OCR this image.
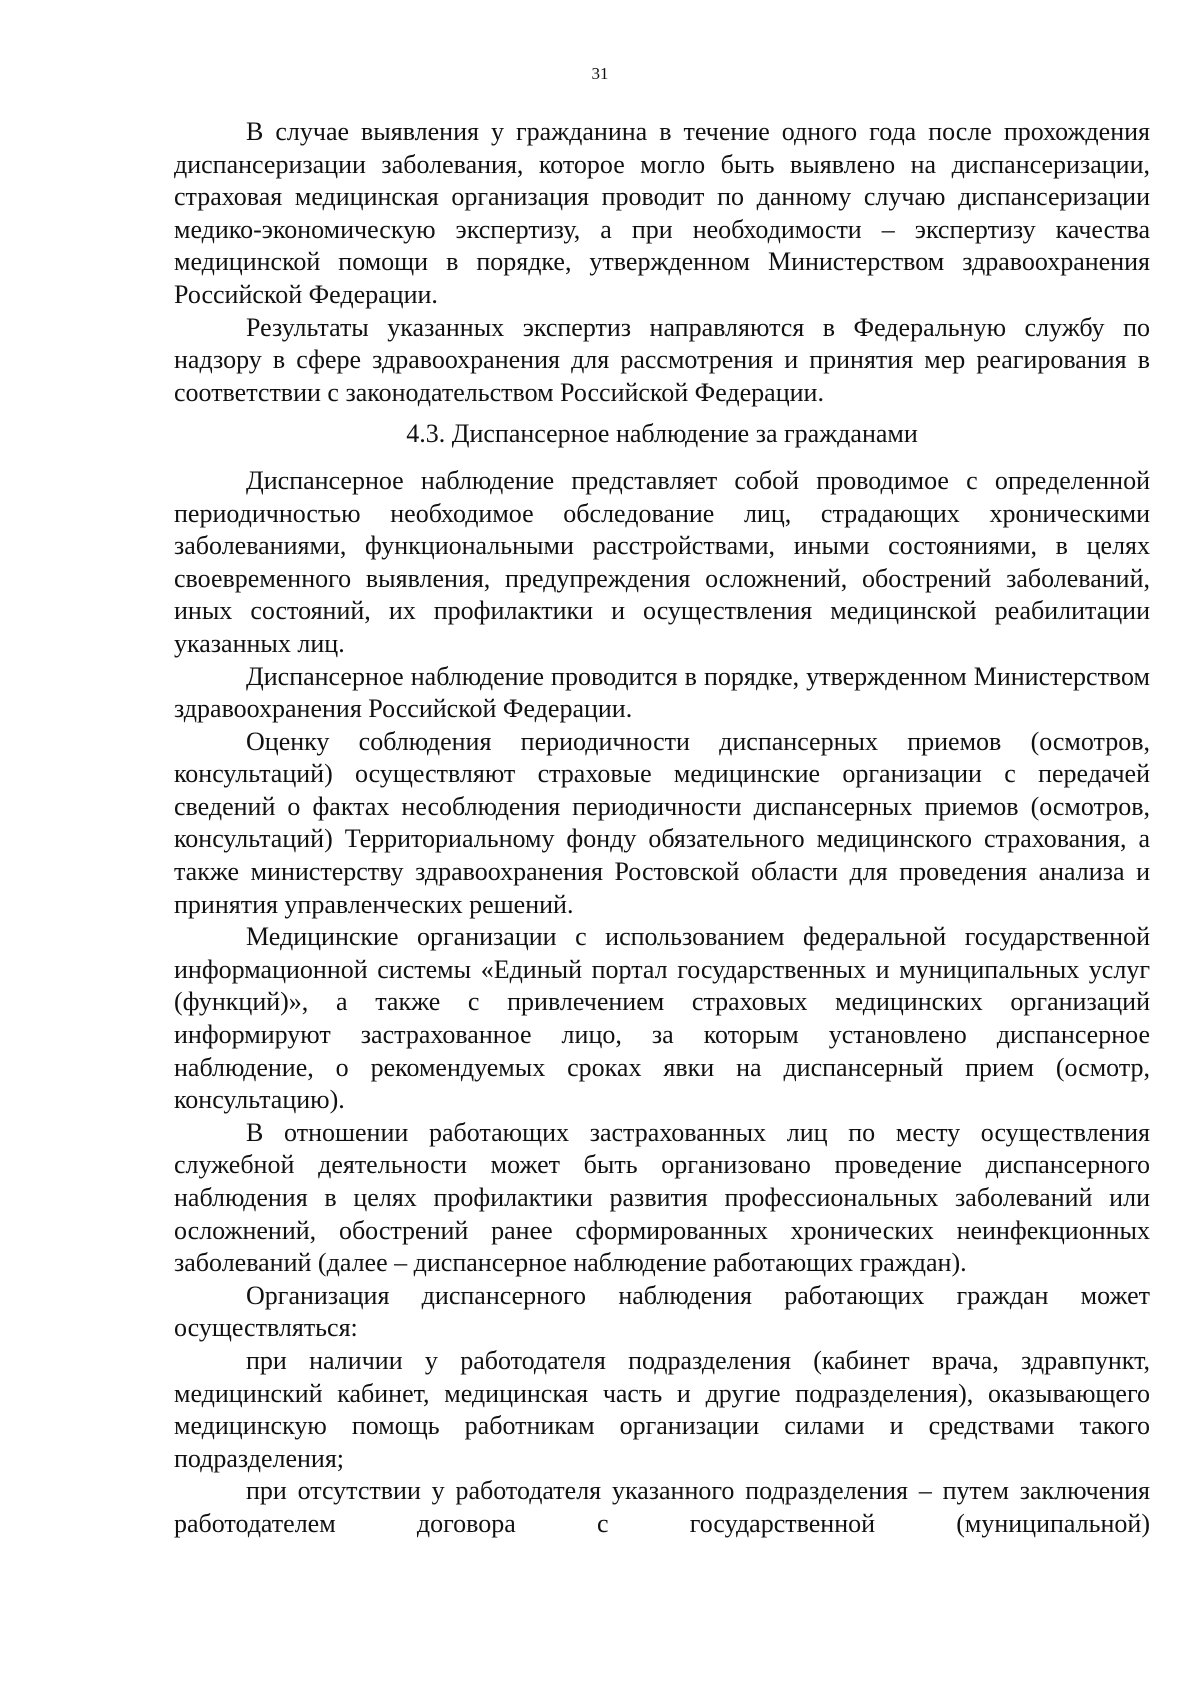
31

В случае выявления у гражданина в течение одного года после прохождения диспансеризации заболевания, которое могло быть выявлено на диспансеризации, страховая медицинская организация проводит по данному случаю диспансеризации медико-экономическую экспертизу, а при необходимости – экспертизу качества медицинской помощи в порядке, утвержденном Министерством здравоохранения Российской Федерации.

Результаты указанных экспертиз направляются в Федеральную службу по надзору в сфере здравоохранения для рассмотрения и принятия мер реагирования в соответствии с законодательством Российской Федерации.

4.3. Диспансерное наблюдение за гражданами

Диспансерное наблюдение представляет собой проводимое с определенной периодичностью необходимое обследование лиц, страдающих хроническими заболеваниями, функциональными расстройствами, иными состояниями, в целях своевременного выявления, предупреждения осложнений, обострений заболеваний, иных состояний, их профилактики и осуществления медицинской реабилитации указанных лиц.

Диспансерное наблюдение проводится в порядке, утвержденном Министерством здравоохранения Российской Федерации.

Оценку соблюдения периодичности диспансерных приемов (осмотров, консультаций) осуществляют страховые медицинские организации с передачей сведений о фактах несоблюдения периодичности диспансерных приемов (осмотров, консультаций) Территориальному фонду обязательного медицинского страхования, а также министерству здравоохранения Ростовской области для проведения анализа и принятия управленческих решений.

Медицинские организации с использованием федеральной государственной информационной системы «Единый портал государственных и муниципальных услуг (функций)», а также с привлечением страховых медицинских организаций информируют застрахованное лицо, за которым установлено диспансерное наблюдение, о рекомендуемых сроках явки на диспансерный прием (осмотр, консультацию).

В отношении работающих застрахованных лиц по месту осуществления служебной деятельности может быть организовано проведение диспансерного наблюдения в целях профилактики развития профессиональных заболеваний или осложнений, обострений ранее сформированных хронических неинфекционных заболеваний (далее – диспансерное наблюдение работающих граждан).

Организация диспансерного наблюдения работающих граждан может осуществляться:

при наличии у работодателя подразделения (кабинет врача, здравпункт, медицинский кабинет, медицинская часть и другие подразделения), оказывающего медицинскую помощь работникам организации силами и средствами такого подразделения;

при отсутствии у работодателя указанного подразделения – путем заключения работодателем договора с государственной (муниципальной)
